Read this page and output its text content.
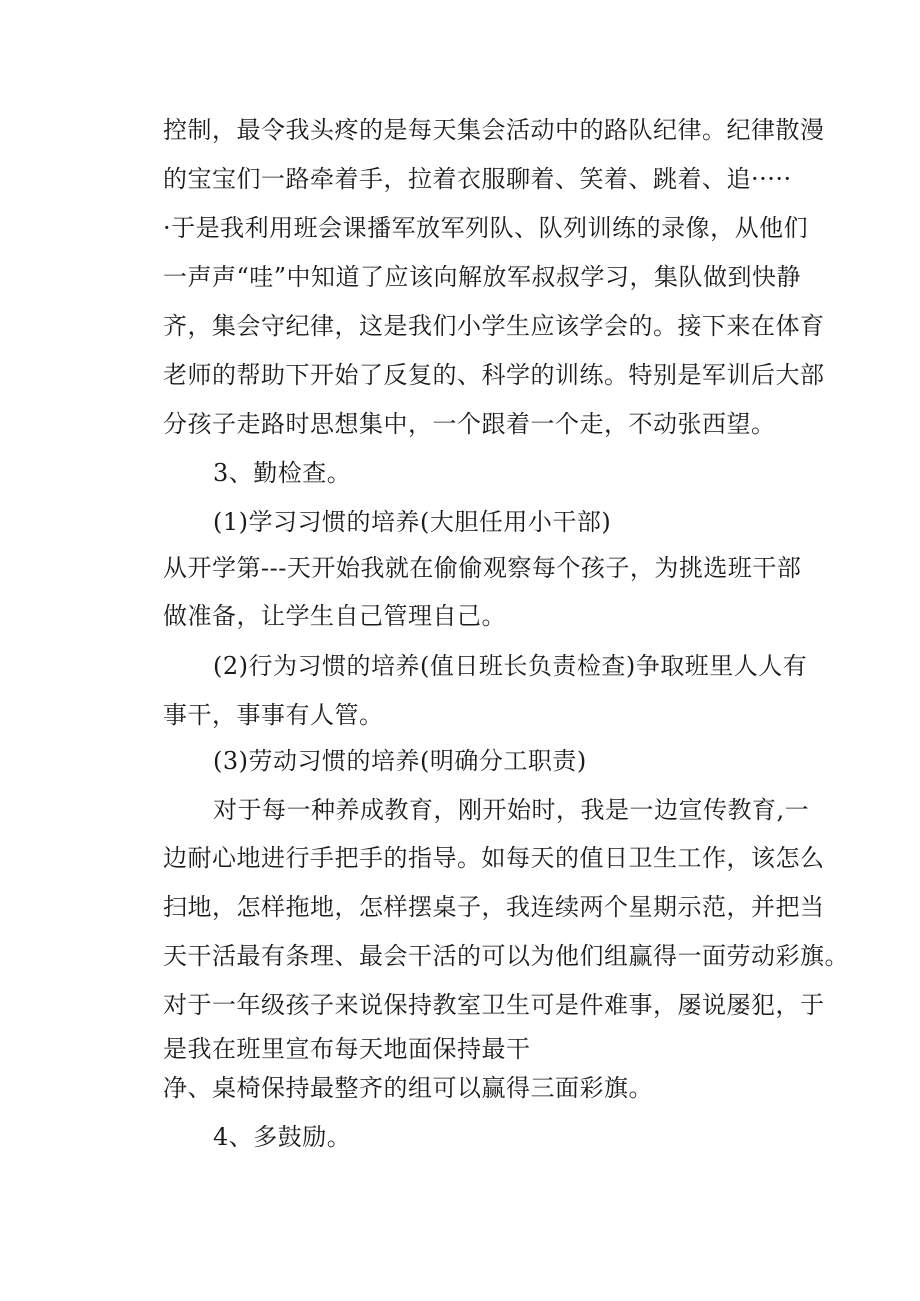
控制，最令我头疼的是每天集会活动中的路队纪律。纪律散漫
的宝宝们一路牵着手，拉着衣服聊着、笑着、跳着、追·····
·于是我利用班会课播军放军列队、队列训练的录像，从他们
一声声“哇”中知道了应该向解放军叔叔学习，集队做到快静
齐，集会守纪律，这是我们小学生应该学会的。接下来在体育
老师的帮助下开始了反复的、科学的训练。特别是军训后大部
分孩子走路时思想集中，一个跟着一个走，不动张西望。
3、勤检查。
(1)学习习惯的培养(大胆任用小干部)
从开学第---天开始我就在偷偷观察每个孩子，为挑选班干部
做准备，让学生自己管理自己。
(2)行为习惯的培养(值日班长负责检查)争取班里人人有
事干，事事有人管。
(3)劳动习惯的培养(明确分工职责)
对于每一种养成教育，刚开始时，我是一边宣传教育,一
边耐心地进行手把手的指导。如每天的值日卫生工作，该怎么
扫地，怎样拖地，怎样摆桌子，我连续两个星期示范，并把当
天干活最有条理、最会干活的可以为他们组赢得一面劳动彩旗。
对于一年级孩子来说保持教室卫生可是件难事，屡说屡犯，于
是我在班里宣布每天地面保持最干
净、桌椅保持最整齐的组可以赢得三面彩旗。
4、多鼓励。
